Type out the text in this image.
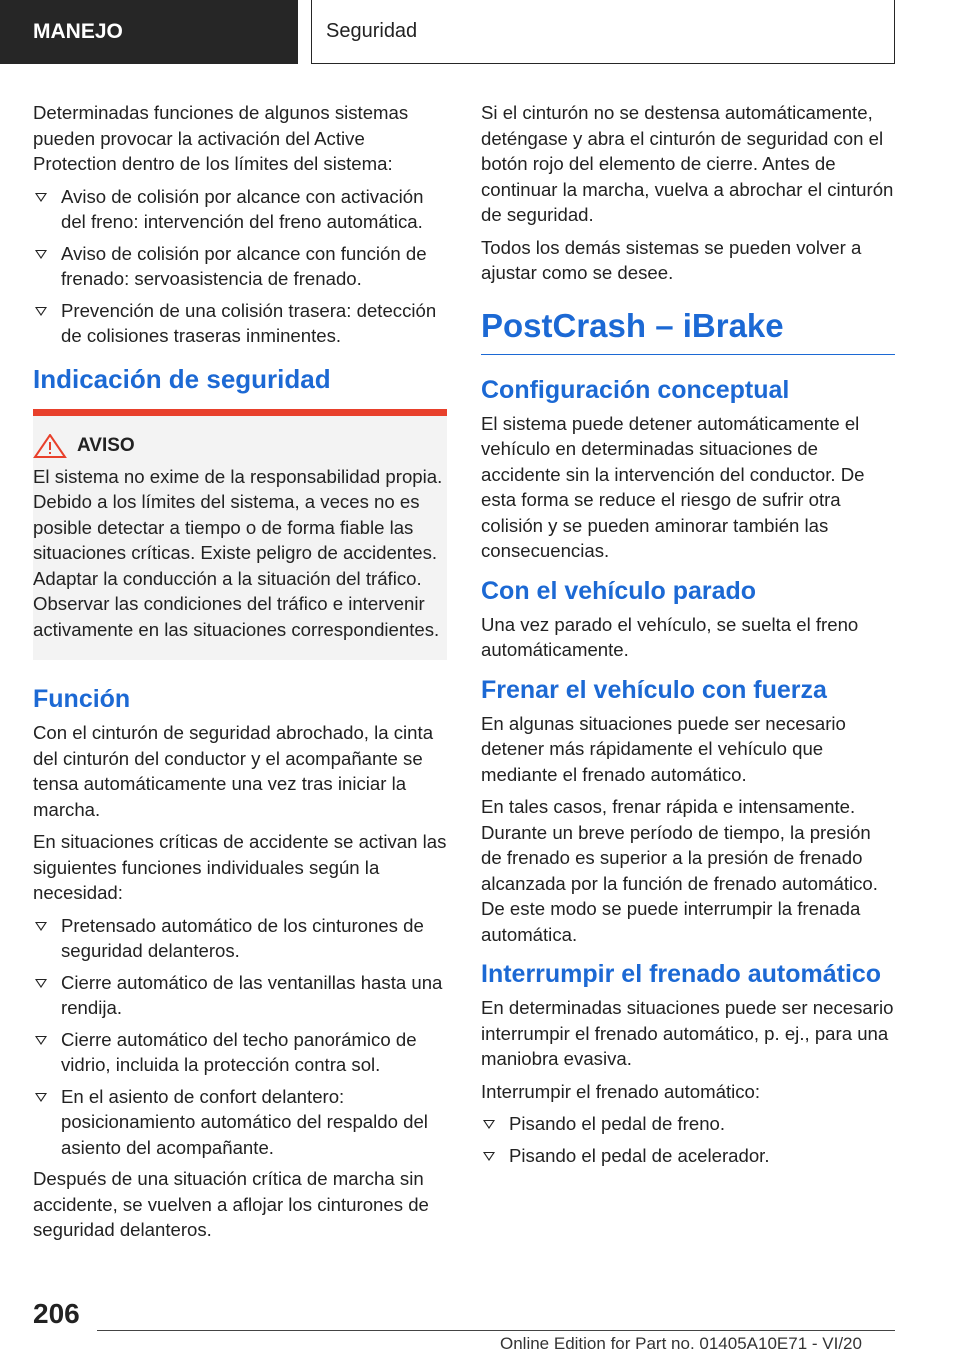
MANEJO	Seguridad

Determinadas funciones de algunos sistemas pueden provocar la activación del Active Protection dentro de los límites del sistema:

Aviso de colisión por alcance con activación del freno: intervención del freno automática.
Aviso de colisión por alcance con función de frenado: servoasistencia de frenado.
Prevención de una colisión trasera: detección de colisiones traseras inminentes.
Indicación de seguridad
AVISO

El sistema no exime de la responsabilidad propia. Debido a los límites del sistema, a veces no es posible detectar a tiempo o de forma fiable las situaciones críticas. Existe peligro de accidentes. Adaptar la conducción a la situación del tráfico. Observar las condiciones del tráfico e intervenir activamente en las situaciones correspondientes.

Función

Con el cinturón de seguridad abrochado, la cinta del cinturón del conductor y el acompañante se tensa automáticamente una vez tras iniciar la marcha.

En situaciones críticas de accidente se activan las siguientes funciones individuales según la necesidad:

Pretensado automático de los cinturones de seguridad delanteros.
Cierre automático de las ventanillas hasta una rendija.
Cierre automático del techo panorámico de vidrio, incluida la protección contra sol.
En el asiento de confort delantero: posicionamiento automático del respaldo del asiento del acompañante.

Después de una situación crítica de marcha sin accidente, se vuelven a aflojar los cinturones de seguridad delanteros.

Si el cinturón no se destensa automáticamente, deténgase y abra el cinturón de seguridad con el botón rojo del elemento de cierre. Antes de continuar la marcha, vuelva a abrochar el cinturón de seguridad.

Todos los demás sistemas se pueden volver a ajustar como se desee.

PostCrash – iBrake
Configuración conceptual

El sistema puede detener automáticamente el vehículo en determinadas situaciones de accidente sin la intervención del conductor. De esta forma se reduce el riesgo de sufrir otra colisión y se pueden aminorar también las consecuencias.

Con el vehículo parado

Una vez parado el vehículo, se suelta el freno automáticamente.

Frenar el vehículo con fuerza

En algunas situaciones puede ser necesario detener más rápidamente el vehículo que mediante el frenado automático.

En tales casos, frenar rápida e intensamente. Durante un breve período de tiempo, la presión de frenado es superior a la presión de frenado alcanzada por la función de frenado automático. De este modo se puede interrumpir la frenada automática.

Interrumpir el frenado automático

En determinadas situaciones puede ser necesario interrumpir el frenado automático, p. ej., para una maniobra evasiva.

Interrumpir el frenado automático:

Pisando el pedal de freno.
Pisando el pedal de acelerador.
206
Online Edition for Part no. 01405A10E71 - VI/20
